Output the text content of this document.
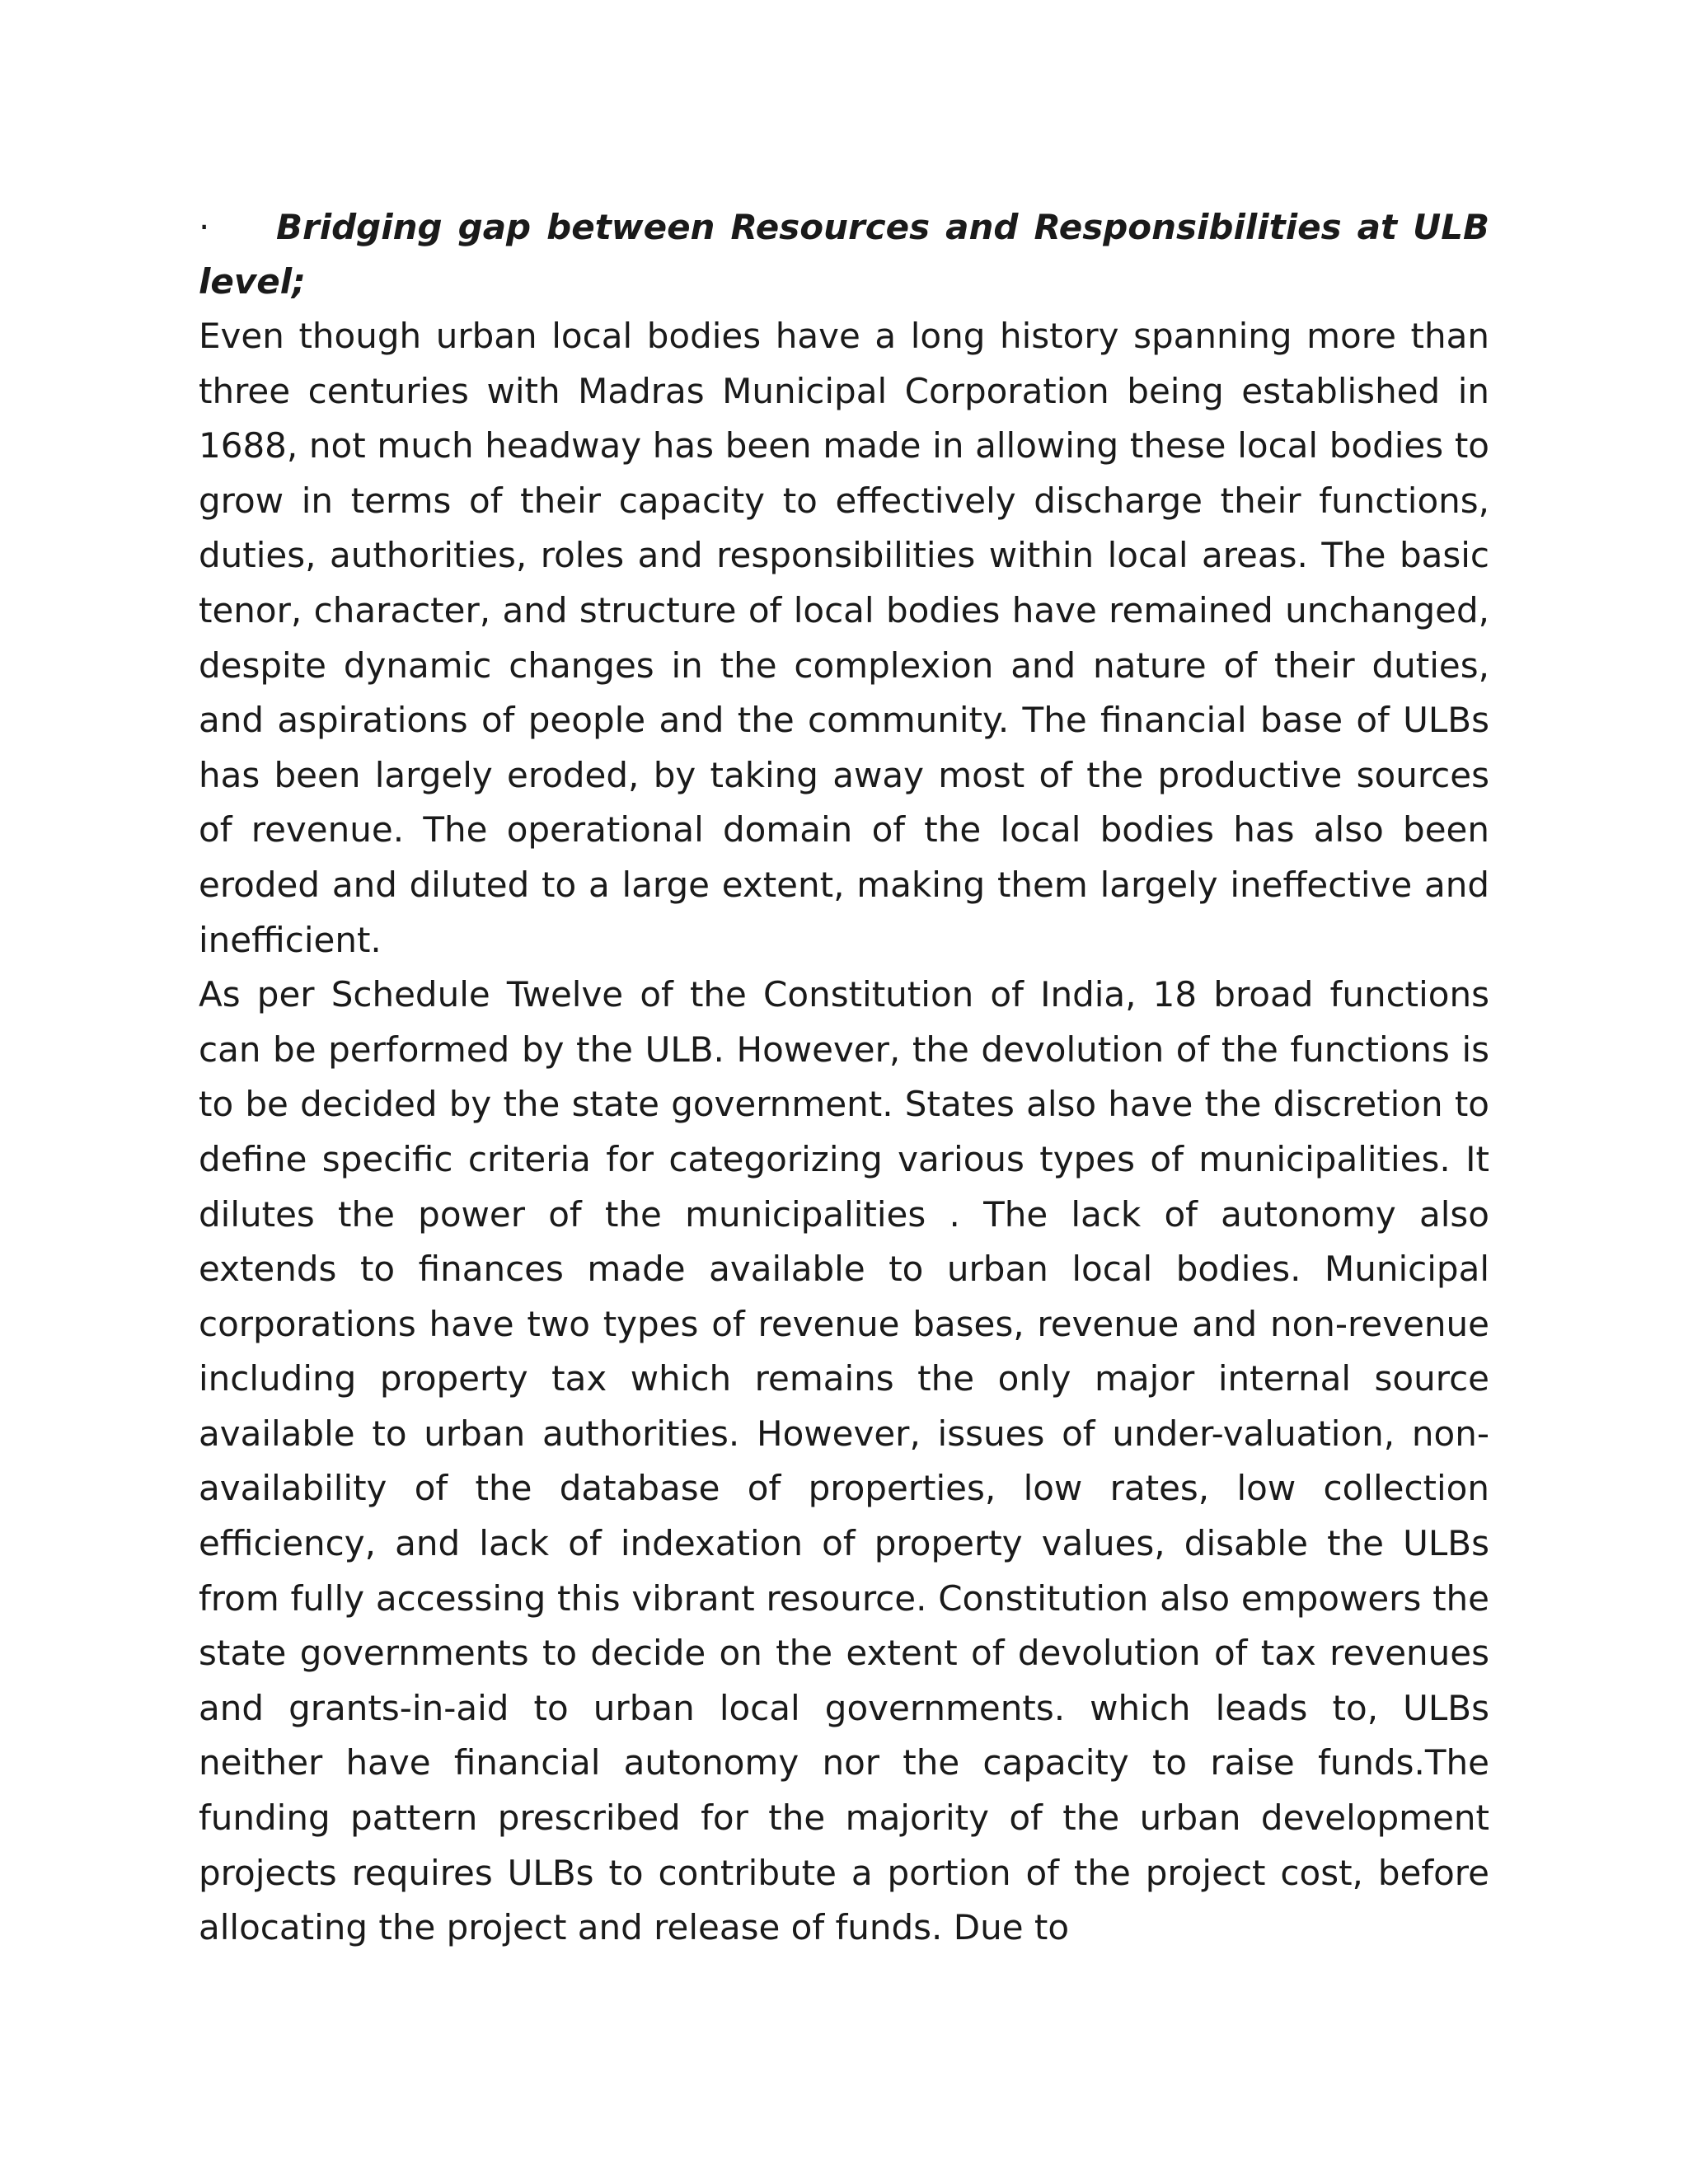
· Bridging gap between Resources and Responsibilities at ULB level;

Even though urban local bodies have a long history spanning more than three centuries with Madras Municipal Corporation being established in 1688, not much headway has been made in allowing these local bodies to grow in terms of their capacity to effectively discharge their functions, duties, authorities, roles and responsibilities within local areas. The basic tenor, character, and structure of local bodies have remained unchanged, despite dynamic changes in the complexion and nature of their duties, and aspirations of people and the community. The financial base of ULBs has been largely eroded, by taking away most of the productive sources of revenue. The operational domain of the local bodies has also been eroded and diluted to a large extent, making them largely ineffective and inefficient.

As per Schedule Twelve of the Constitution of India, 18 broad functions can be performed by the ULB. However, the devolution of the functions is to be decided by the state government. States also have the discretion to define specific criteria for categorizing various types of municipalities. It dilutes the power of the municipalities . The lack of autonomy also extends to finances made available to urban local bodies. Municipal corporations have two types of revenue bases, revenue and non-revenue including property tax which remains the only major internal source available to urban authorities. However, issues of under-valuation, non-availability of the database of properties, low rates, low collection efficiency, and lack of indexation of property values, disable the ULBs from fully accessing this vibrant resource. Constitution also empowers the state governments to decide on the extent of devolution of tax revenues and grants-in-aid to urban local governments. which leads to, ULBs neither have financial autonomy nor the capacity to raise funds.The funding pattern prescribed for the majority of the urban development projects requires ULBs to contribute a portion of the project cost, before allocating the project and release of funds. Due to
